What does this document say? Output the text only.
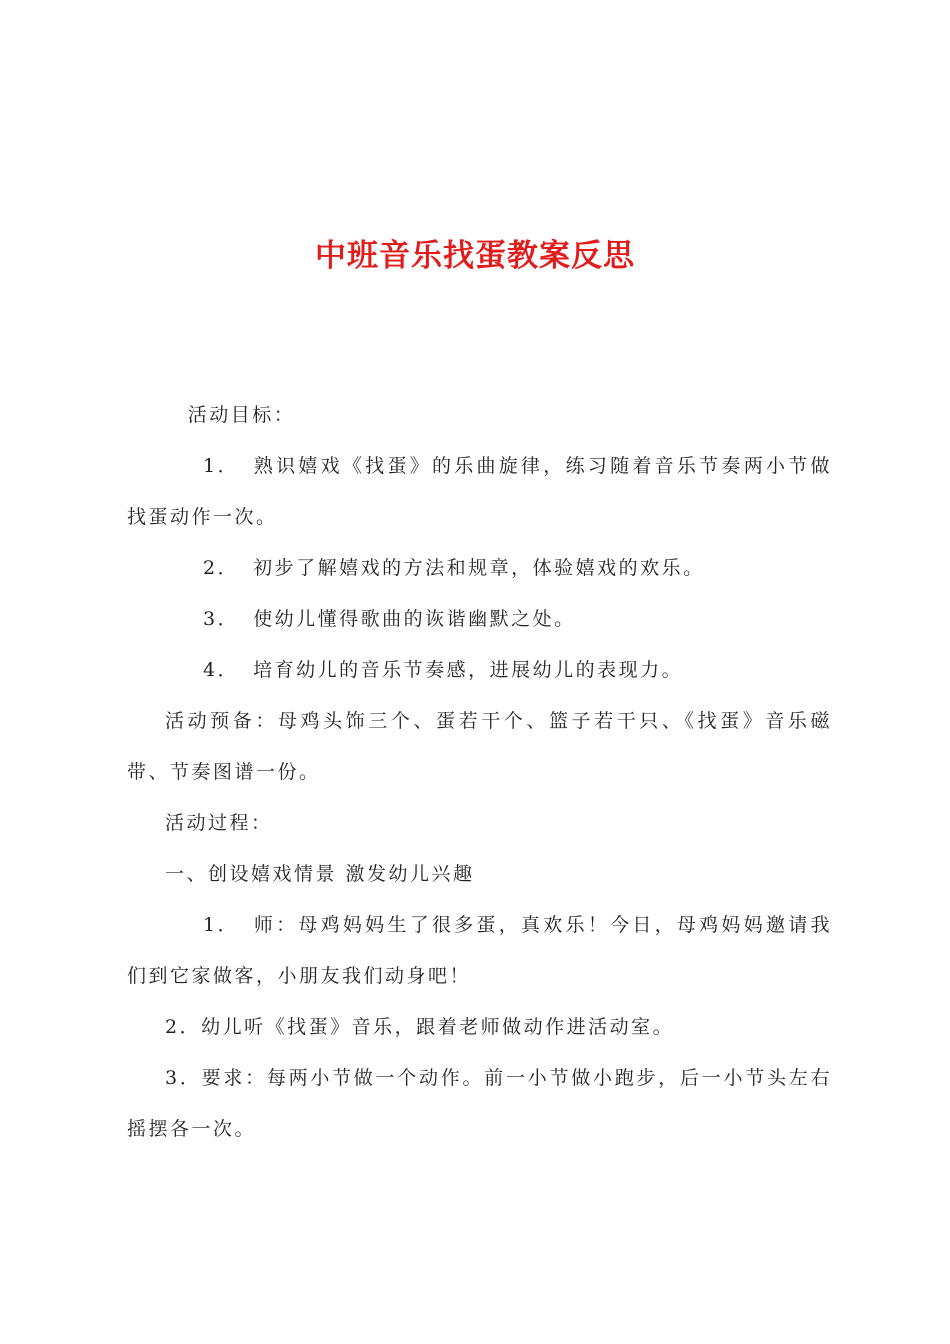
中班音乐找蛋教案反思

活动目标：

1． 熟识嬉戏《找蛋》的乐曲旋律，练习随着音乐节奏两小节做找蛋动作一次。

2． 初步了解嬉戏的方法和规章，体验嬉戏的欢乐。

3． 使幼儿懂得歌曲的诙谐幽默之处。

4． 培育幼儿的音乐节奏感，进展幼儿的表现力。

活动预备：母鸡头饰三个、蛋若干个、篮子若干只、《找蛋》音乐磁带、节奏图谱一份。

活动过程：

一、创设嬉戏情景 激发幼儿兴趣

1． 师：母鸡妈妈生了很多蛋，真欢乐！今日，母鸡妈妈邀请我们到它家做客，小朋友我们动身吧！

2．幼儿听《找蛋》音乐，跟着老师做动作进活动室。

3．要求：每两小节做一个动作。前一小节做小跑步，后一小节头左右摇摆各一次。
